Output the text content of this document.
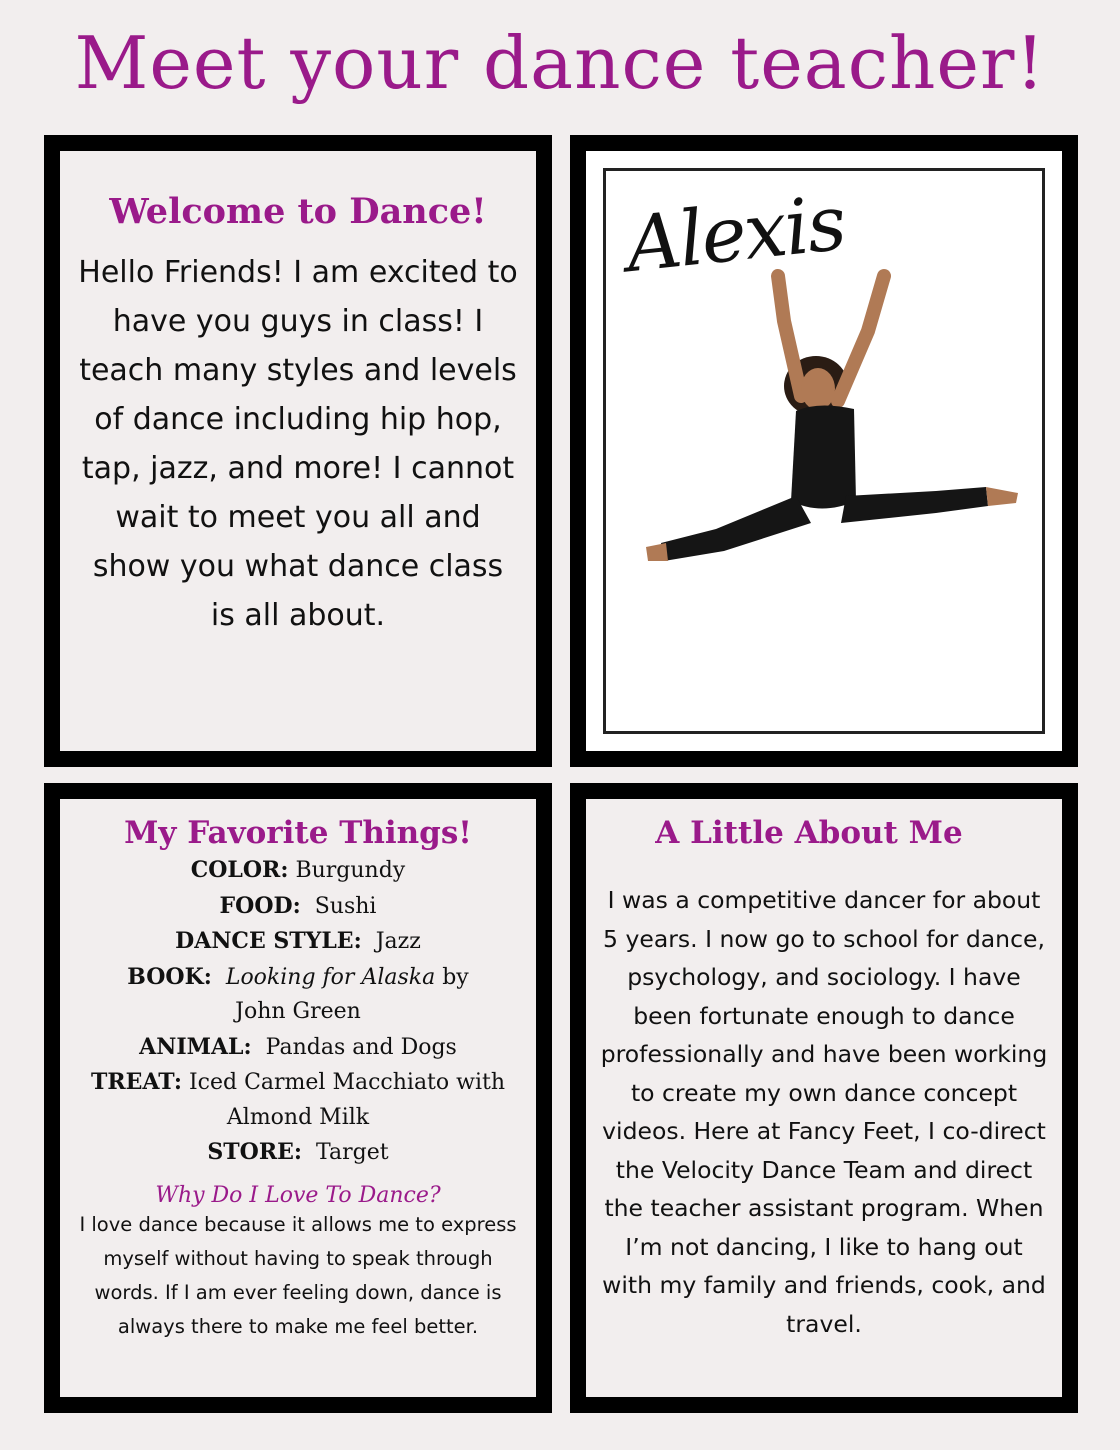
Meet your dance teacher!
Welcome to Dance!

Hello Friends! I am excited to have you guys in class! I teach many styles and levels of dance including hip hop, tap, jazz, and more! I cannot wait to meet you all and show you what dance class is all about.

Alexis
My Favorite Things!
COLOR: Burgundy
FOOD: Sushi
DANCE STYLE: Jazz
BOOK: Looking for Alaska by John Green
ANIMAL: Pandas and Dogs
TREAT: Iced Carmel Macchiato with Almond Milk
STORE: Target
Why Do I Love To Dance?

I love dance because it allows me to express myself without having to speak through words. If I am ever feeling down, dance is always there to make me feel better.

A Little About Me

I was a competitive dancer for about 5 years. I now go to school for dance, psychology, and sociology. I have been fortunate enough to dance professionally and have been working to create my own dance concept videos. Here at Fancy Feet, I co-direct the Velocity Dance Team and direct the teacher assistant program. When I’m not dancing, I like to hang out with my family and friends, cook, and travel.
